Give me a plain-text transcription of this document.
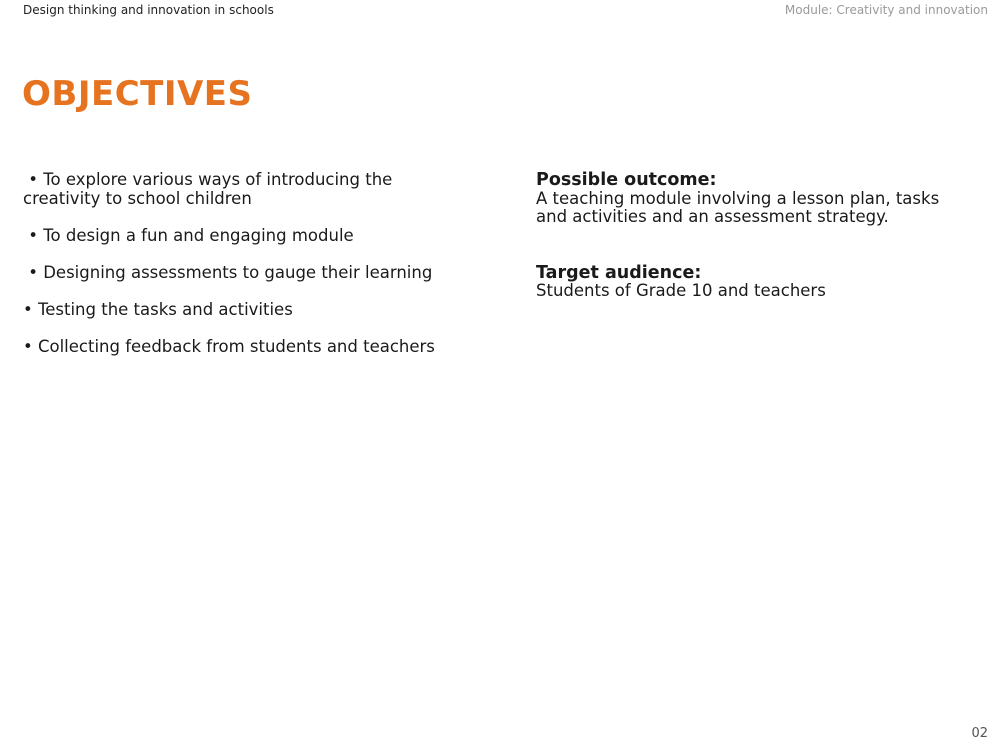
Design thinking and innovation in schools	Module: Creativity and innovation
OBJECTIVES
• To explore various ways of introducing the creativity to school children
• To design a fun and engaging module
• Designing assessments to gauge their learning
• Testing the tasks and activities
• Collecting feedback from students and teachers
Possible outcome:
A teaching module involving a lesson plan, tasks and activities and an assessment strategy.
Target audience:
Students of Grade 10 and teachers
02
